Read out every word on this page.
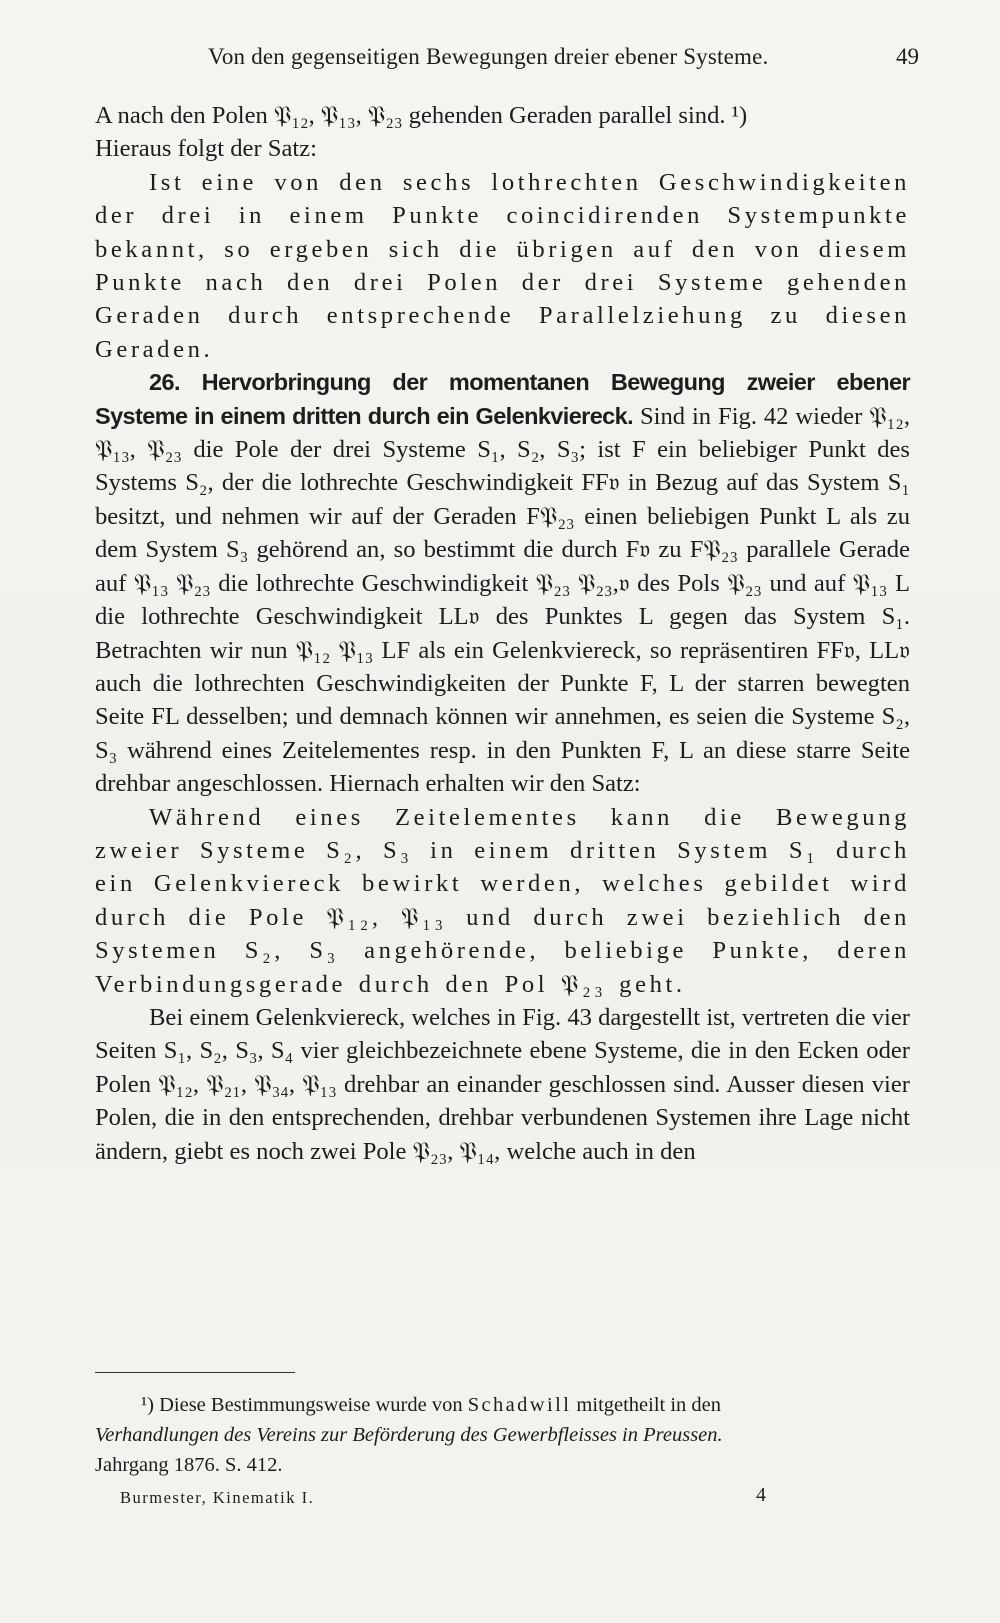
Von den gegenseitigen Bewegungen dreier ebener Systeme.	49

A nach den Polen 𝔓₁₂, 𝔓₁₃, 𝔓₂₃ gehenden Geraden parallel sind. ¹)

Hieraus folgt der Satz:

Ist eine von den sechs lothrechten Geschwindigkeiten der drei in einem Punkte coincidirenden Systempunkte bekannt, so ergeben sich die übrigen auf den von diesem Punkte nach den drei Polen der drei Systeme gehenden Geraden durch entsprechende Parallelziehung zu diesen Geraden.

26. Hervorbringung der momentanen Bewegung zweier ebener Systeme in einem dritten durch ein Gelenkviereck. Sind in Fig. 42 wieder 𝔓₁₂, 𝔓₁₃, 𝔓₂₃ die Pole der drei Systeme S₁, S₂, S₃; ist F ein beliebiger Punkt des Systems S₂, der die lothrechte Geschwindigkeit FF𝔳 in Bezug auf das System S₁ besitzt, und nehmen wir auf der Geraden F𝔓₂₃ einen beliebigen Punkt L als zu dem System S₃ gehörend an, so bestimmt die durch F𝔳 zu F𝔓₂₃ parallele Gerade auf 𝔓₁₃ 𝔓₂₃ die lothrechte Geschwindigkeit 𝔓₂₃ 𝔓₂₃,𝔳 des Pols 𝔓₂₃ und auf 𝔓₁₃ L die lothrechte Geschwindigkeit LL𝔳 des Punktes L gegen das System S₁. Betrachten wir nun 𝔓₁₂ 𝔓₁₃ LF als ein Gelenkviereck, so repräsentiren FF𝔳, LL𝔳 auch die lothrechten Geschwindigkeiten der Punkte F, L der starren bewegten Seite FL desselben; und demnach können wir annehmen, es seien die Systeme S₂, S₃ während eines Zeitelementes resp. in den Punkten F, L an diese starre Seite drehbar angeschlossen. Hiernach erhalten wir den Satz:

Während eines Zeitelementes kann die Bewegung zweier Systeme S₂, S₃ in einem dritten System S₁ durch ein Gelenkviereck bewirkt werden, welches gebildet wird durch die Pole 𝔓₁₂, 𝔓₁₃ und durch zwei beziehlich den Systemen S₂, S₃ angehörende, beliebige Punkte, deren Verbindungsgerade durch den Pol 𝔓₂₃ geht.

Bei einem Gelenkviereck, welches in Fig. 43 dargestellt ist, vertreten die vier Seiten S₁, S₂, S₃, S₄ vier gleichbezeichnete ebene Systeme, die in den Ecken oder Polen 𝔓₁₂, 𝔓₂₁, 𝔓₃₄, 𝔓₁₃ drehbar an einander geschlossen sind. Ausser diesen vier Polen, die in den entsprechenden, drehbar verbundenen Systemen ihre Lage nicht ändern, giebt es noch zwei Pole 𝔓₂₃, 𝔓₁₄, welche auch in den

¹) Diese Bestimmungsweise wurde von Schadwill mitgetheilt in den

Verhandlungen des Vereins zur Beförderung des Gewerbfleisses in Preussen.

Jahrgang 1876. S. 412.

Burmester, Kinematik I.	4
